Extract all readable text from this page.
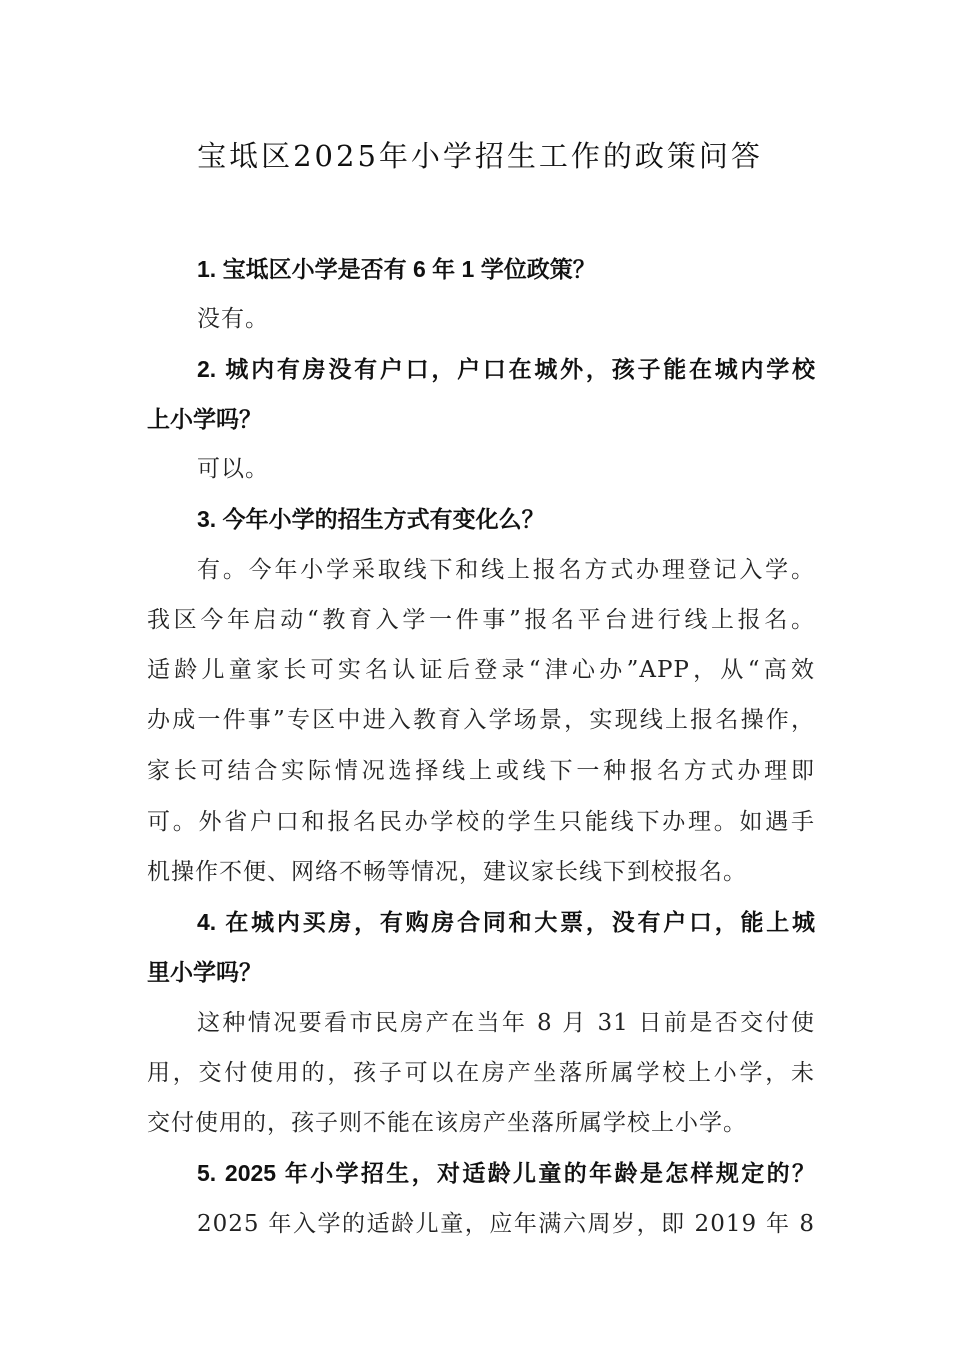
宝坻区2025年小学招生工作的政策问答
1. 宝坻区小学是否有 6 年 1 学位政策？
没有。
2. 城内有房没有户口，户口在城外，孩子能在城内学校
上小学吗？
可以。
3. 今年小学的招生方式有变化么？
有。今年小学采取线下和线上报名方式办理登记入学。
我区今年启动“教育入学一件事”报名平台进行线上报名。
适龄儿童家长可实名认证后登录“津心办”APP，从“高效
办成一件事”专区中进入教育入学场景，实现线上报名操作，
家长可结合实际情况选择线上或线下一种报名方式办理即
可。外省户口和报名民办学校的学生只能线下办理。如遇手
机操作不便、网络不畅等情况，建议家长线下到校报名。
4. 在城内买房，有购房合同和大票，没有户口，能上城
里小学吗？
这种情况要看市民房产在当年 8 月 31 日前是否交付使
用，交付使用的，孩子可以在房产坐落所属学校上小学，未
交付使用的，孩子则不能在该房产坐落所属学校上小学。
5. 2025 年小学招生，对适龄儿童的年龄是怎样规定的？
2025 年入学的适龄儿童，应年满六周岁，即 2019 年 8
